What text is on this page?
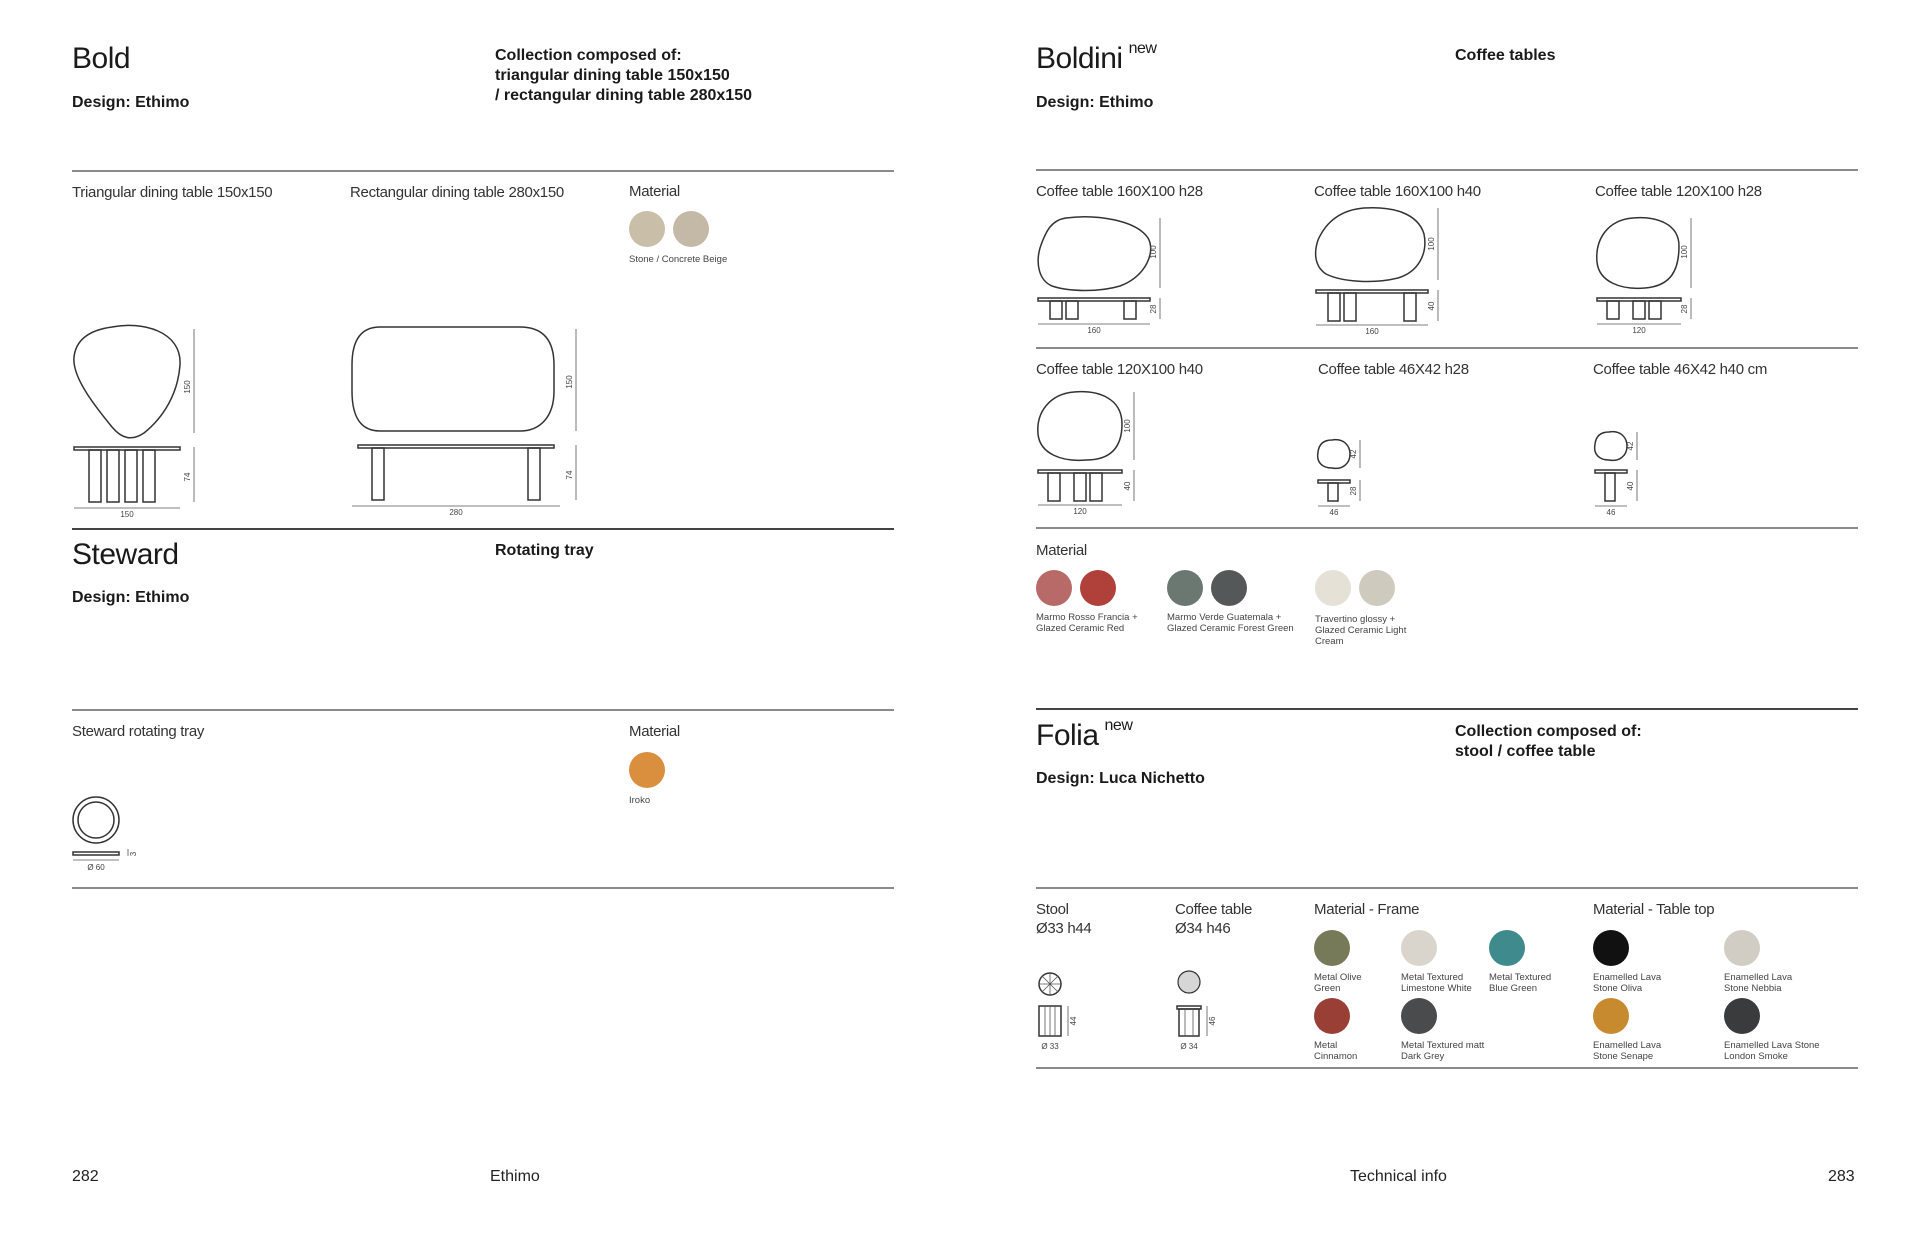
Bold
Design: Ethimo
Collection composed of:
triangular dining table 150x150
/ rectangular dining table 280x150
Triangular dining table 150x150	Rectangular dining table 280x150	Material
Stone / Concrete Beige
150
74
150
150
74
280
Steward
Design: Ethimo
Rotating tray
Steward rotating tray	Material
Iroko
3
Ø 60
282	Ethimo
Boldini $^{new}$
Design: Ethimo
Coffee tables
Coffee table 160X100 h28	Coffee table 160X100 h40	Coffee table 120X100 h28
100
28
160
100
40
160
100
28
120
Coffee table 120X100 h40	Coffee table 46X42 h28	Coffee table 46X42 h40 cm
100
40
120
42
28
46
42
40
46
Material
Marmo Rosso Francia + Glazed Ceramic Red
Marmo Verde Guatemala + Glazed Ceramic Forest Green
Travertino glossy + Glazed Ceramic Light Cream
Folia $^{new}$
Design: Luca Nichetto
Collection composed of:
stool / coffee table
Stool
Ø33 h44
Coffee table
Ø34 h46
44
Ø 33
46
Ø 34
Material - Frame
Metal Olive Green
Metal Textured Limestone White
Metal Textured Blue Green
Metal Cinnamon
Metal Textured matt Dark Grey
Material - Table top
Enamelled Lava Stone Oliva
Enamelled Lava Stone Nebbia
Enamelled Lava Stone Senape
Enamelled Lava Stone London Smoke
Technical info	283
